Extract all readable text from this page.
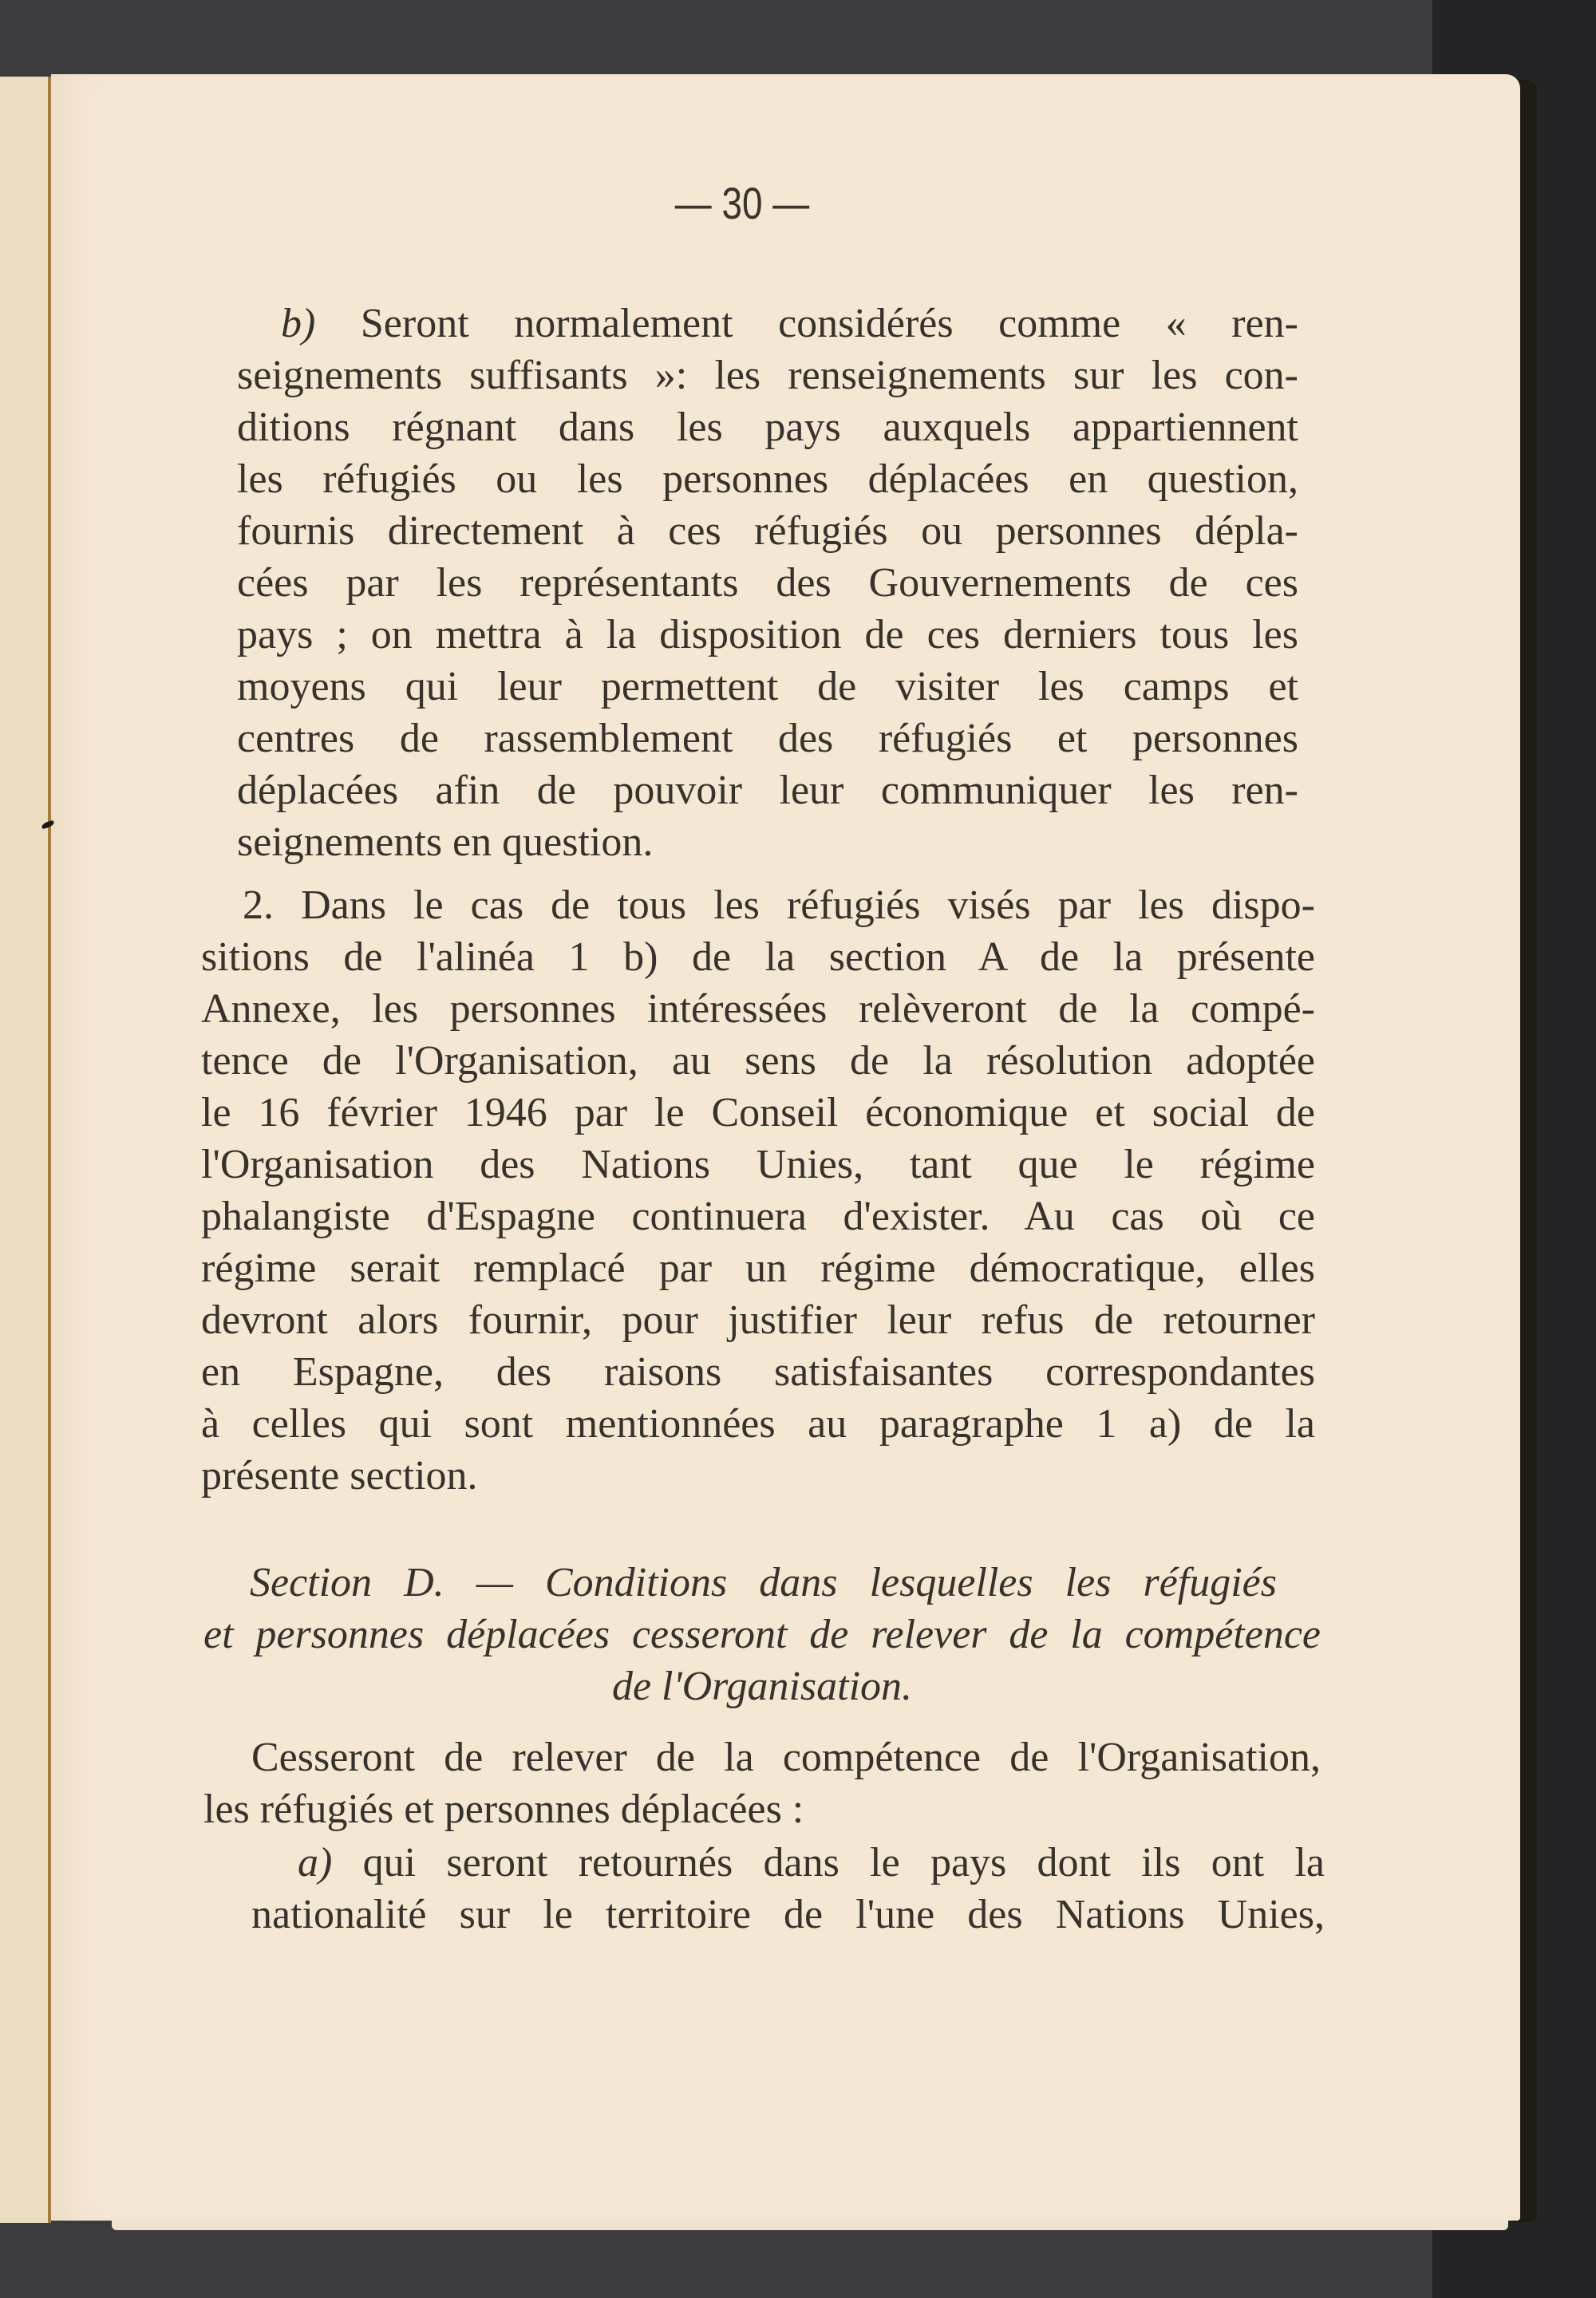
— 30 —
b) Seront normalement considérés comme « ren-
seignements suffisants »: les renseignements sur les con-
ditions régnant dans les pays auxquels appartiennent
les réfugiés ou les personnes déplacées en question,
fournis directement à ces réfugiés ou personnes dépla-
cées par les représentants des Gouvernements de ces
pays ; on mettra à la disposition de ces derniers tous les
moyens qui leur permettent de visiter les camps et
centres de rassemblement des réfugiés et personnes
déplacées afin de pouvoir leur communiquer les ren-
seignements en question.
2. Dans le cas de tous les réfugiés visés par les dispo-
sitions de l'alinéa 1 b) de la section A de la présente
Annexe, les personnes intéressées relèveront de la compé-
tence de l'Organisation, au sens de la résolution adoptée
le 16 février 1946 par le Conseil économique et social de
l'Organisation des Nations Unies, tant que le régime
phalangiste d'Espagne continuera d'exister. Au cas où ce
régime serait remplacé par un régime démocratique, elles
devront alors fournir, pour justifier leur refus de retourner
en Espagne, des raisons satisfaisantes correspondantes
à celles qui sont mentionnées au paragraphe 1 a) de la
présente section.
Section D. — Conditions dans lesquelles les réfugiés
et personnes déplacées cesseront de relever de la compétence
de l'Organisation.
Cesseront de relever de la compétence de l'Organisation,
les réfugiés et personnes déplacées :
a) qui seront retournés dans le pays dont ils ont la
nationalité sur le territoire de l'une des Nations Unies,
